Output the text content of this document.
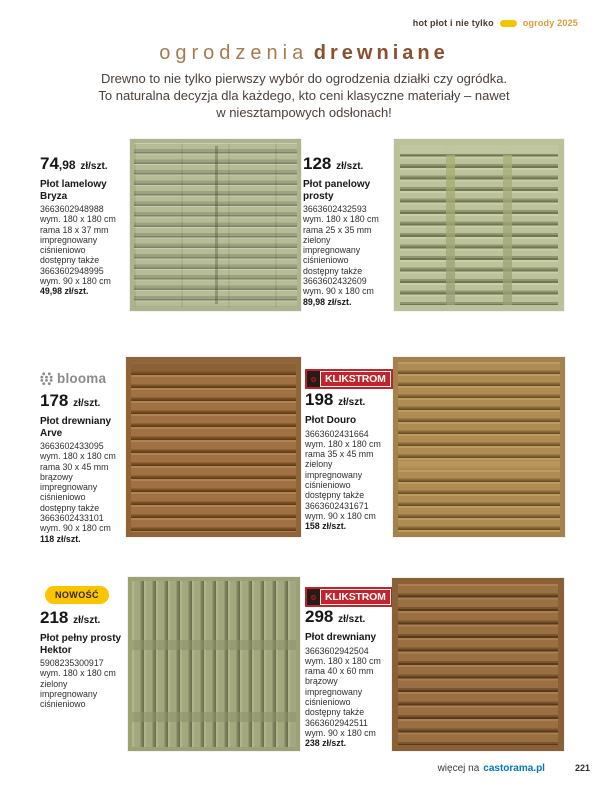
hot płot i nie tylko	ogrody 2025
ogrodzenia drewniane

Drewno to nie tylko pierwszy wybór do ogrodzenia działki czy ogródka. To naturalna decyzja dla każdego, kto ceni klasyczne materiały – nawet w niesztampowych odsłonach!

74,98 zł/szt.
Płot lamelowy Bryza
3663602948988
wym. 180 x 180 cm
rama 18 x 37 mm
impregnowany
ciśnieniowo
dostępny także
3663602948995
wym. 90 x 180 cm
49,98 zł/szt.
128 zł/szt.
Płot panelowy prosty
3663602432593
wym. 180 x 180 cm
rama 25 x 35 mm
zielony
impregnowany
ciśnieniowo
dostępny także
3663602432609
wym. 90 x 180 cm
89,98 zł/szt.
blooma
178 zł/szt.
Płot drewniany Arve
3663602433095
wym. 180 x 180 cm
rama 30 x 45 mm
brązowy
impregnowany
ciśnieniowo
dostępny także
3663602433101
wym. 90 x 180 cm
118 zł/szt.
KLIKSTROM
198 zł/szt.
Płot Douro
3663602431664
wym. 180 x 180 cm
rama 35 x 45 mm
zielony
impregnowany
ciśnieniowo
dostępny także
3663602431671
wym. 90 x 180 cm
158 zł/szt.
NOWOŚĆ
218 zł/szt.
Płot pełny prosty Hektor
5908235300917
wym. 180 x 180 cm
zielony
impregnowany
ciśnieniowo
KLIKSTROM
298 zł/szt.
Płot drewniany
3663602942504
wym. 180 x 180 cm
rama 40 x 60 mm
brązowy
impregnowany
ciśnieniowo
dostępny także
3663602942511
wym. 90 x 180 cm
238 zł/szt.
więcej na castorama.pl	221
